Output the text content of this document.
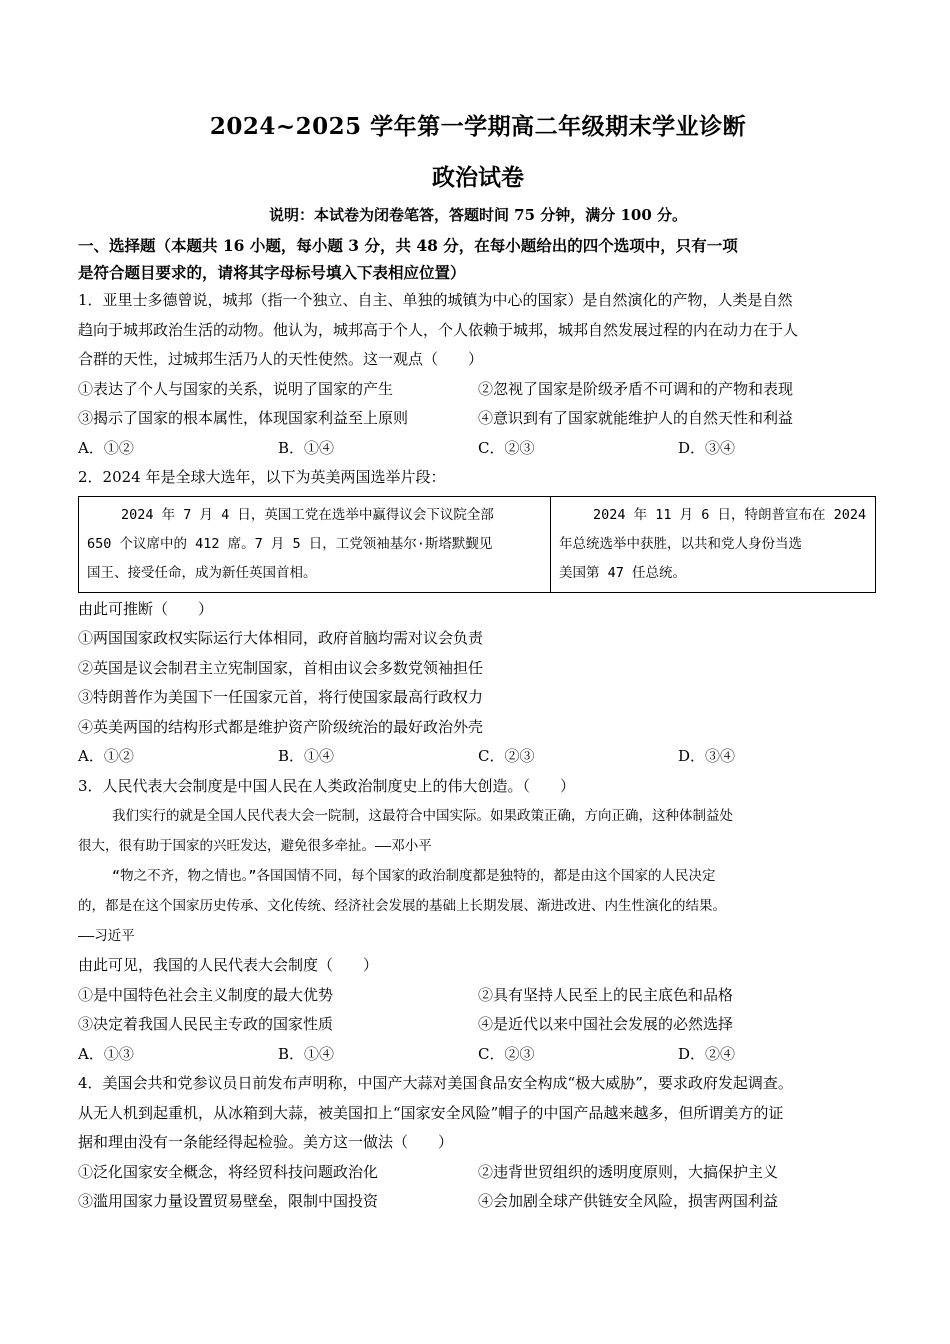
2024~2025 学年第一学期高二年级期末学业诊断
政治试卷
说明：本试卷为闭卷笔答，答题时间 75 分钟，满分 100 分。

一、选择题（本题共 16 小题，每小题 3 分，共 48 分，在每小题给出的四个选项中，只有一项

是符合题目要求的，请将其字母标号填入下表相应位置）

1．亚里士多德曾说，城邦（指一个独立、自主、单独的城镇为中心的国家）是自然演化的产物，人类是自然

趋向于城邦政治生活的动物。他认为，城邦高于个人，个人依赖于城邦，城邦自然发展过程的内在动力在于人

合群的天性，过城邦生活乃人的天性使然。这一观点（　　）

①表达了个人与国家的关系，说明了国家的产生	②忽视了国家是阶级矛盾不可调和的产物和表现
③揭示了国家的根本属性，体现国家利益至上原则	④意识到有了国家就能维护人的自然天性和利益
A．①②	B．①④	C．②③	D．③④

2．2024 年是全球大选年，以下为英美两国选举片段：

2024 年 7 月 4 日，英国工党在选举中赢得议会下议院全部
650 个议席中的 412 席。7 月 5 日，工党领袖基尔·斯塔默觐见
国王、接受任命，成为新任英国首相。

2024 年 11 月 6 日，特朗普宣布在 2024
年总统选举中获胜，以共和党人身份当选
美国第 47 任总统。

由此可推断（　　）

①两国国家政权实际运行大体相同，政府首脑均需对议会负责

②英国是议会制君主立宪制国家，首相由议会多数党领袖担任

③特朗普作为美国下一任国家元首，将行使国家最高行政权力

④英美两国的结构形式都是维护资产阶级统治的最好政治外壳

A．①②	B．①④	C．②③	D．③④

3．人民代表大会制度是中国人民在人类政治制度史上的伟大创造。（　　）

我们实行的就是全国人民代表大会一院制，这最符合中国实际。如果政策正确，方向正确，这种体制益处

很大，很有助于国家的兴旺发达，避免很多牵扯。——邓小平

“物之不齐，物之情也。”各国国情不同，每个国家的政治制度都是独特的，都是由这个国家的人民决定

的，都是在这个国家历史传承、文化传统、经济社会发展的基础上长期发展、渐进改进、内生性演化的结果。

——习近平

由此可见，我国的人民代表大会制度（　　）

①是中国特色社会主义制度的最大优势	②具有坚持人民至上的民主底色和品格
③决定着我国人民民主专政的国家性质	④是近代以来中国社会发展的必然选择
A．①③	B．①④	C．②③	D．②④

4．美国会共和党参议员日前发布声明称，中国产大蒜对美国食品安全构成“极大威胁”，要求政府发起调查。

从无人机到起重机，从冰箱到大蒜，被美国扣上“国家安全风险”帽子的中国产品越来越多，但所谓美方的证

据和理由没有一条能经得起检验。美方这一做法（　　）

①泛化国家安全概念，将经贸科技问题政治化	②违背世贸组织的透明度原则，大搞保护主义
③滥用国家力量设置贸易壁垒，限制中国投资	④会加剧全球产供链安全风险，损害两国利益
